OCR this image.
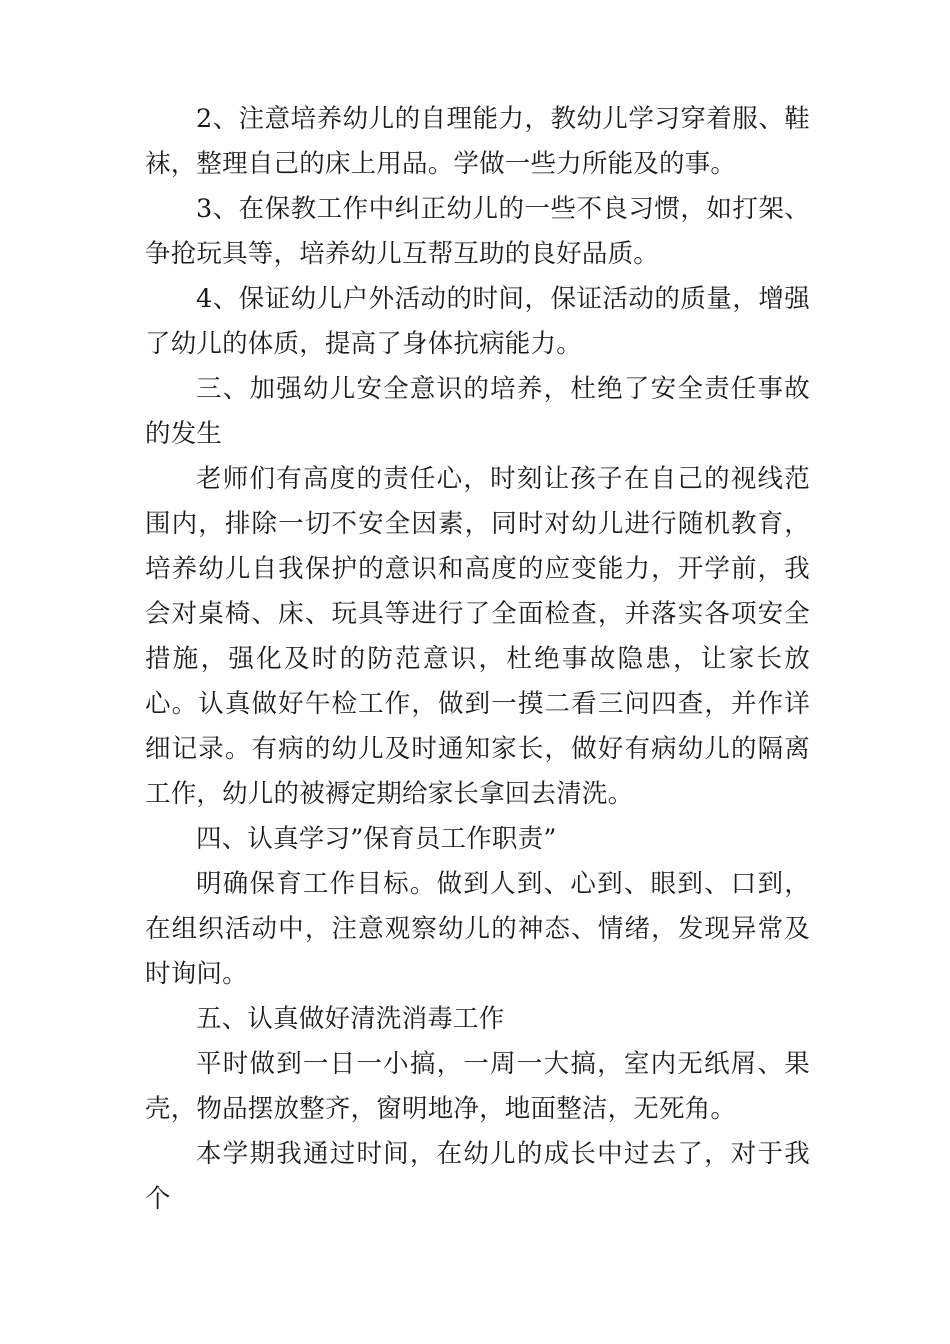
2、注意培养幼儿的自理能力，教幼儿学习穿着服、鞋袜，整理自己的床上用品。学做一些力所能及的事。

3、在保教工作中纠正幼儿的一些不良习惯，如打架、争抢玩具等，培养幼儿互帮互助的良好品质。

4、保证幼儿户外活动的时间，保证活动的质量，增强了幼儿的体质，提高了身体抗病能力。

三、加强幼儿安全意识的培养，杜绝了安全责任事故的发生

老师们有高度的责任心，时刻让孩子在自己的视线范围内，排除一切不安全因素，同时对幼儿进行随机教育，培养幼儿自我保护的意识和高度的应变能力，开学前，我会对桌椅、床、玩具等进行了全面检查，并落实各项安全措施，强化及时的防范意识，杜绝事故隐患，让家长放心。认真做好午检工作，做到一摸二看三问四查，并作详细记录。有病的幼儿及时通知家长，做好有病幼儿的隔离工作，幼儿的被褥定期给家长拿回去清洗。

四、认真学习”保育员工作职责”

明确保育工作目标。做到人到、心到、眼到、口到，在组织活动中，注意观察幼儿的神态、情绪，发现异常及时询问。

五、认真做好清洗消毒工作

平时做到一日一小搞，一周一大搞，室内无纸屑、果壳，物品摆放整齐，窗明地净，地面整洁，无死角。

本学期我通过时间，在幼儿的成长中过去了，对于我个
